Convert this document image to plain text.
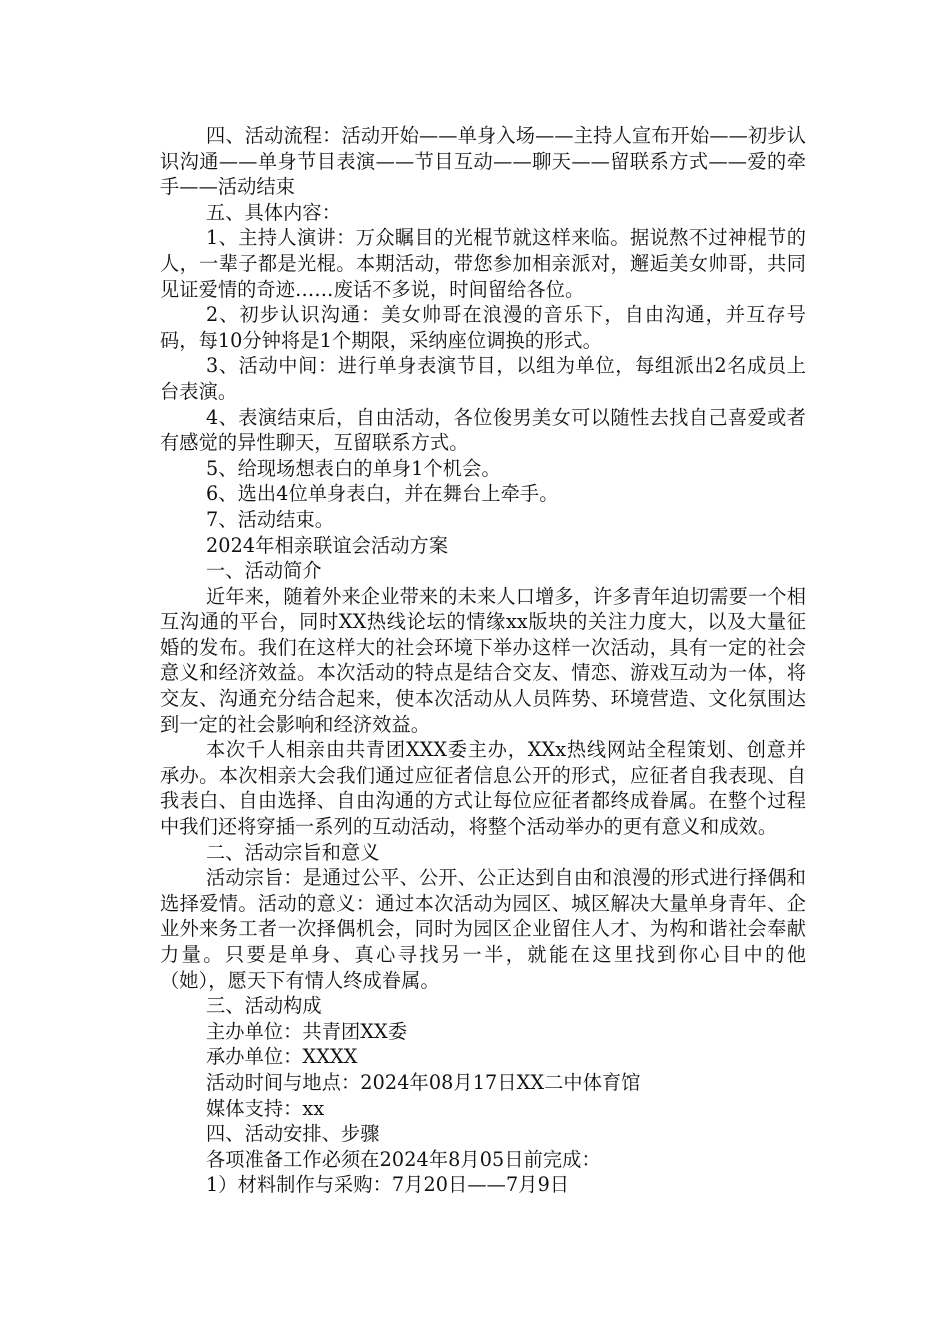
四、活动流程：活动开始——单身入场——主持人宣布开始——初步认识沟通——单身节目表演——节目互动——聊天——留联系方式——爱的牵手——活动结束

五、具体内容：

1、主持人演讲：万众瞩目的光棍节就这样来临。据说熬不过神棍节的人，一辈子都是光棍。本期活动，带您参加相亲派对，邂逅美女帅哥，共同见证爱情的奇迹……废话不多说，时间留给各位。

2、初步认识沟通：美女帅哥在浪漫的音乐下，自由沟通，并互存号码，每10分钟将是1个期限，采纳座位调换的形式。

3、活动中间：进行单身表演节目，以组为单位，每组派出2名成员上台表演。

4、表演结束后，自由活动，各位俊男美女可以随性去找自己喜爱或者有感觉的异性聊天，互留联系方式。

5、给现场想表白的单身1个机会。

6、选出4位单身表白，并在舞台上牵手。

7、活动结束。

2024年相亲联谊会活动方案

一、活动简介

近年来，随着外来企业带来的未来人口增多，许多青年迫切需要一个相互沟通的平台，同时XX热线论坛的情缘xx版块的关注力度大，以及大量征婚的发布。我们在这样大的社会环境下举办这样一次活动，具有一定的社会意义和经济效益。本次活动的特点是结合交友、情恋、游戏互动为一体，将交友、沟通充分结合起来，使本次活动从人员阵势、环境营造、文化氛围达到一定的社会影响和经济效益。

本次千人相亲由共青团XXX委主办，XXx热线网站全程策划、创意并承办。本次相亲大会我们通过应征者信息公开的形式，应征者自我表现、自我表白、自由选择、自由沟通的方式让每位应征者都终成眷属。在整个过程中我们还将穿插一系列的互动活动，将整个活动举办的更有意义和成效。

二、活动宗旨和意义

活动宗旨：是通过公平、公开、公正达到自由和浪漫的形式进行择偶和选择爱情。活动的意义：通过本次活动为园区、城区解决大量单身青年、企业外来务工者一次择偶机会，同时为园区企业留住人才、为构和谐社会奉献力量。只要是单身、真心寻找另一半，就能在这里找到你心目中的他（她），愿天下有情人终成眷属。

三、活动构成

主办单位：共青团XX委

承办单位：XXXX

活动时间与地点：2024年08月17日XX二中体育馆

媒体支持：xx

四、活动安排、步骤

各项准备工作必须在2024年8月05日前完成：

1）材料制作与采购：7月20日——7月9日
